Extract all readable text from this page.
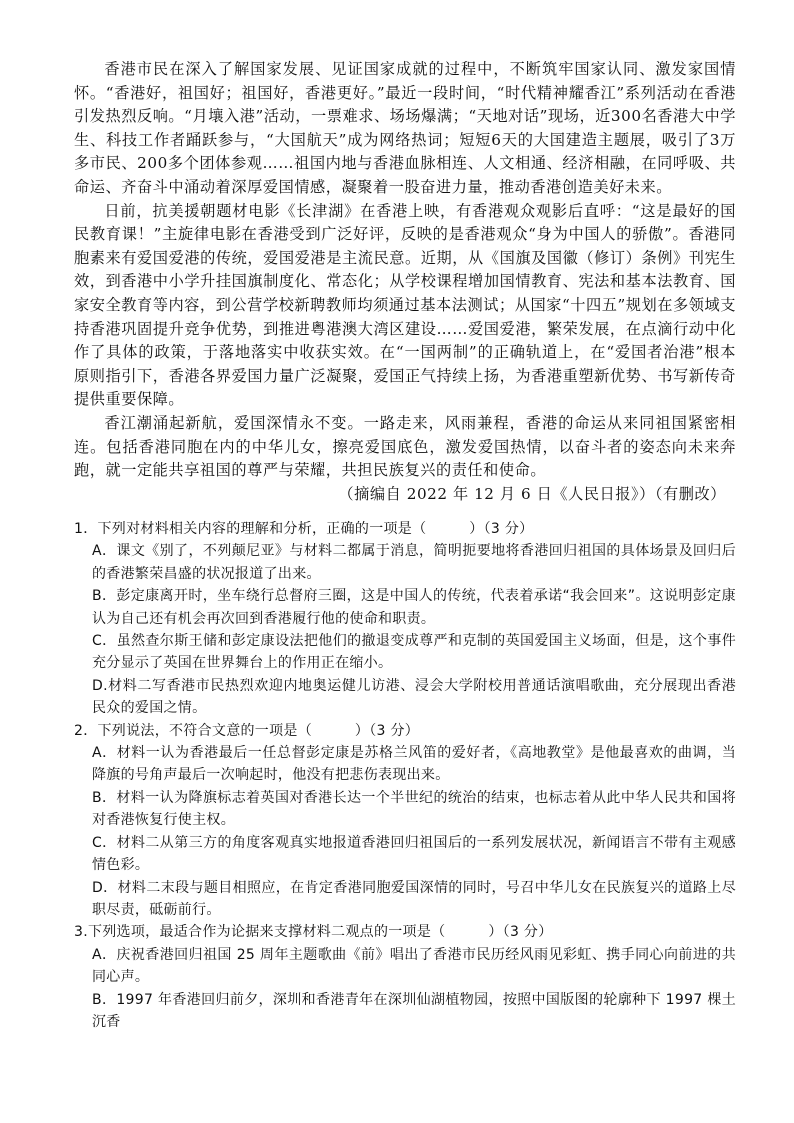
香港市民在深入了解国家发展、见证国家成就的过程中，不断筑牢国家认同、激发家国情怀。“香港好，祖国好；祖国好，香港更好。”最近一段时间，“时代精神耀香江”系列活动在香港引发热烈反响。“月壤入港”活动，一票难求、场场爆满；“天地对话”现场，近300名香港大中学生、科技工作者踊跃参与，“大国航天”成为网络热词；短短6天的大国建造主题展，吸引了3万多市民、200多个团体参观……祖国内地与香港血脉相连、人文相通、经济相融，在同呼吸、共命运、齐奋斗中涌动着深厚爱国情感，凝聚着一股奋进力量，推动香港创造美好未来。

日前，抗美援朝题材电影《长津湖》在香港上映，有香港观众观影后直呼：“这是最好的国民教育课！”主旋律电影在香港受到广泛好评，反映的是香港观众“身为中国人的骄傲”。香港同胞素来有爱国爱港的传统，爱国爱港是主流民意。近期，从《国旗及国徽（修订）条例》刊宪生效，到香港中小学升挂国旗制度化、常态化；从学校课程增加国情教育、宪法和基本法教育、国家安全教育等内容，到公营学校新聘教师均须通过基本法测试；从国家“十四五”规划在多领域支持香港巩固提升竞争优势，到推进粤港澳大湾区建设……爱国爱港，繁荣发展，在点滴行动中化作了具体的政策，于落地落实中收获实效。在“一国两制”的正确轨道上，在“爱国者治港”根本原则指引下，香港各界爱国力量广泛凝聚，爱国正气持续上扬，为香港重塑新优势、书写新传奇提供重要保障。

香江潮涌起新航，爱国深情永不变。一路走来，风雨兼程，香港的命运从来同祖国紧密相连。包括香港同胞在内的中华儿女，擦亮爱国底色，激发爱国热情，以奋斗者的姿态向未来奔跑，就一定能共享祖国的尊严与荣耀，共担民族复兴的责任和使命。

（摘编自 2022 年 12 月 6 日《人民日报》）（有删改）
1．下列对材料相关内容的理解和分析，正确的一项是（　　　）（3 分）
A．课文《别了，不列颠尼亚》与材料二都属于消息，简明扼要地将香港回归祖国的具体场景及回归后的香港繁荣昌盛的状况报道了出来。
B．彭定康离开时，坐车绕行总督府三圈，这是中国人的传统，代表着承诺“我会回来”。这说明彭定康认为自己还有机会再次回到香港履行他的使命和职责。
C．虽然查尔斯王储和彭定康设法把他们的撤退变成尊严和克制的英国爱国主义场面，但是，这个事件充分显示了英国在世界舞台上的作用正在缩小。
D.材料二写香港市民热烈欢迎内地奥运健儿访港、浸会大学附校用普通话演唱歌曲，充分展现出香港民众的爱国之情。
2．下列说法，不符合文意的一项是（　　　）（3 分）
A．材料一认为香港最后一任总督彭定康是苏格兰风笛的爱好者，《高地教堂》是他最喜欢的曲调，当降旗的号角声最后一次响起时，他没有把悲伤表现出来。
B．材料一认为降旗标志着英国对香港长达一个半世纪的统治的结束，也标志着从此中华人民共和国将对香港恢复行使主权。
C．材料二从第三方的角度客观真实地报道香港回归祖国后的一系列发展状况，新闻语言不带有主观感情色彩。
D．材料二末段与题目相照应，在肯定香港同胞爱国深情的同时，号召中华儿女在民族复兴的道路上尽职尽责，砥砺前行。
3.下列选项，最适合作为论据来支撑材料二观点的一项是（　　　）（3 分）
A．庆祝香港回归祖国 25 周年主题歌曲《前》唱出了香港市民历经风雨见彩虹、携手同心向前进的共同心声。
B．1997 年香港回归前夕，深圳和香港青年在深圳仙湖植物园，按照中国版图的轮廓种下 1997 棵土沉香
